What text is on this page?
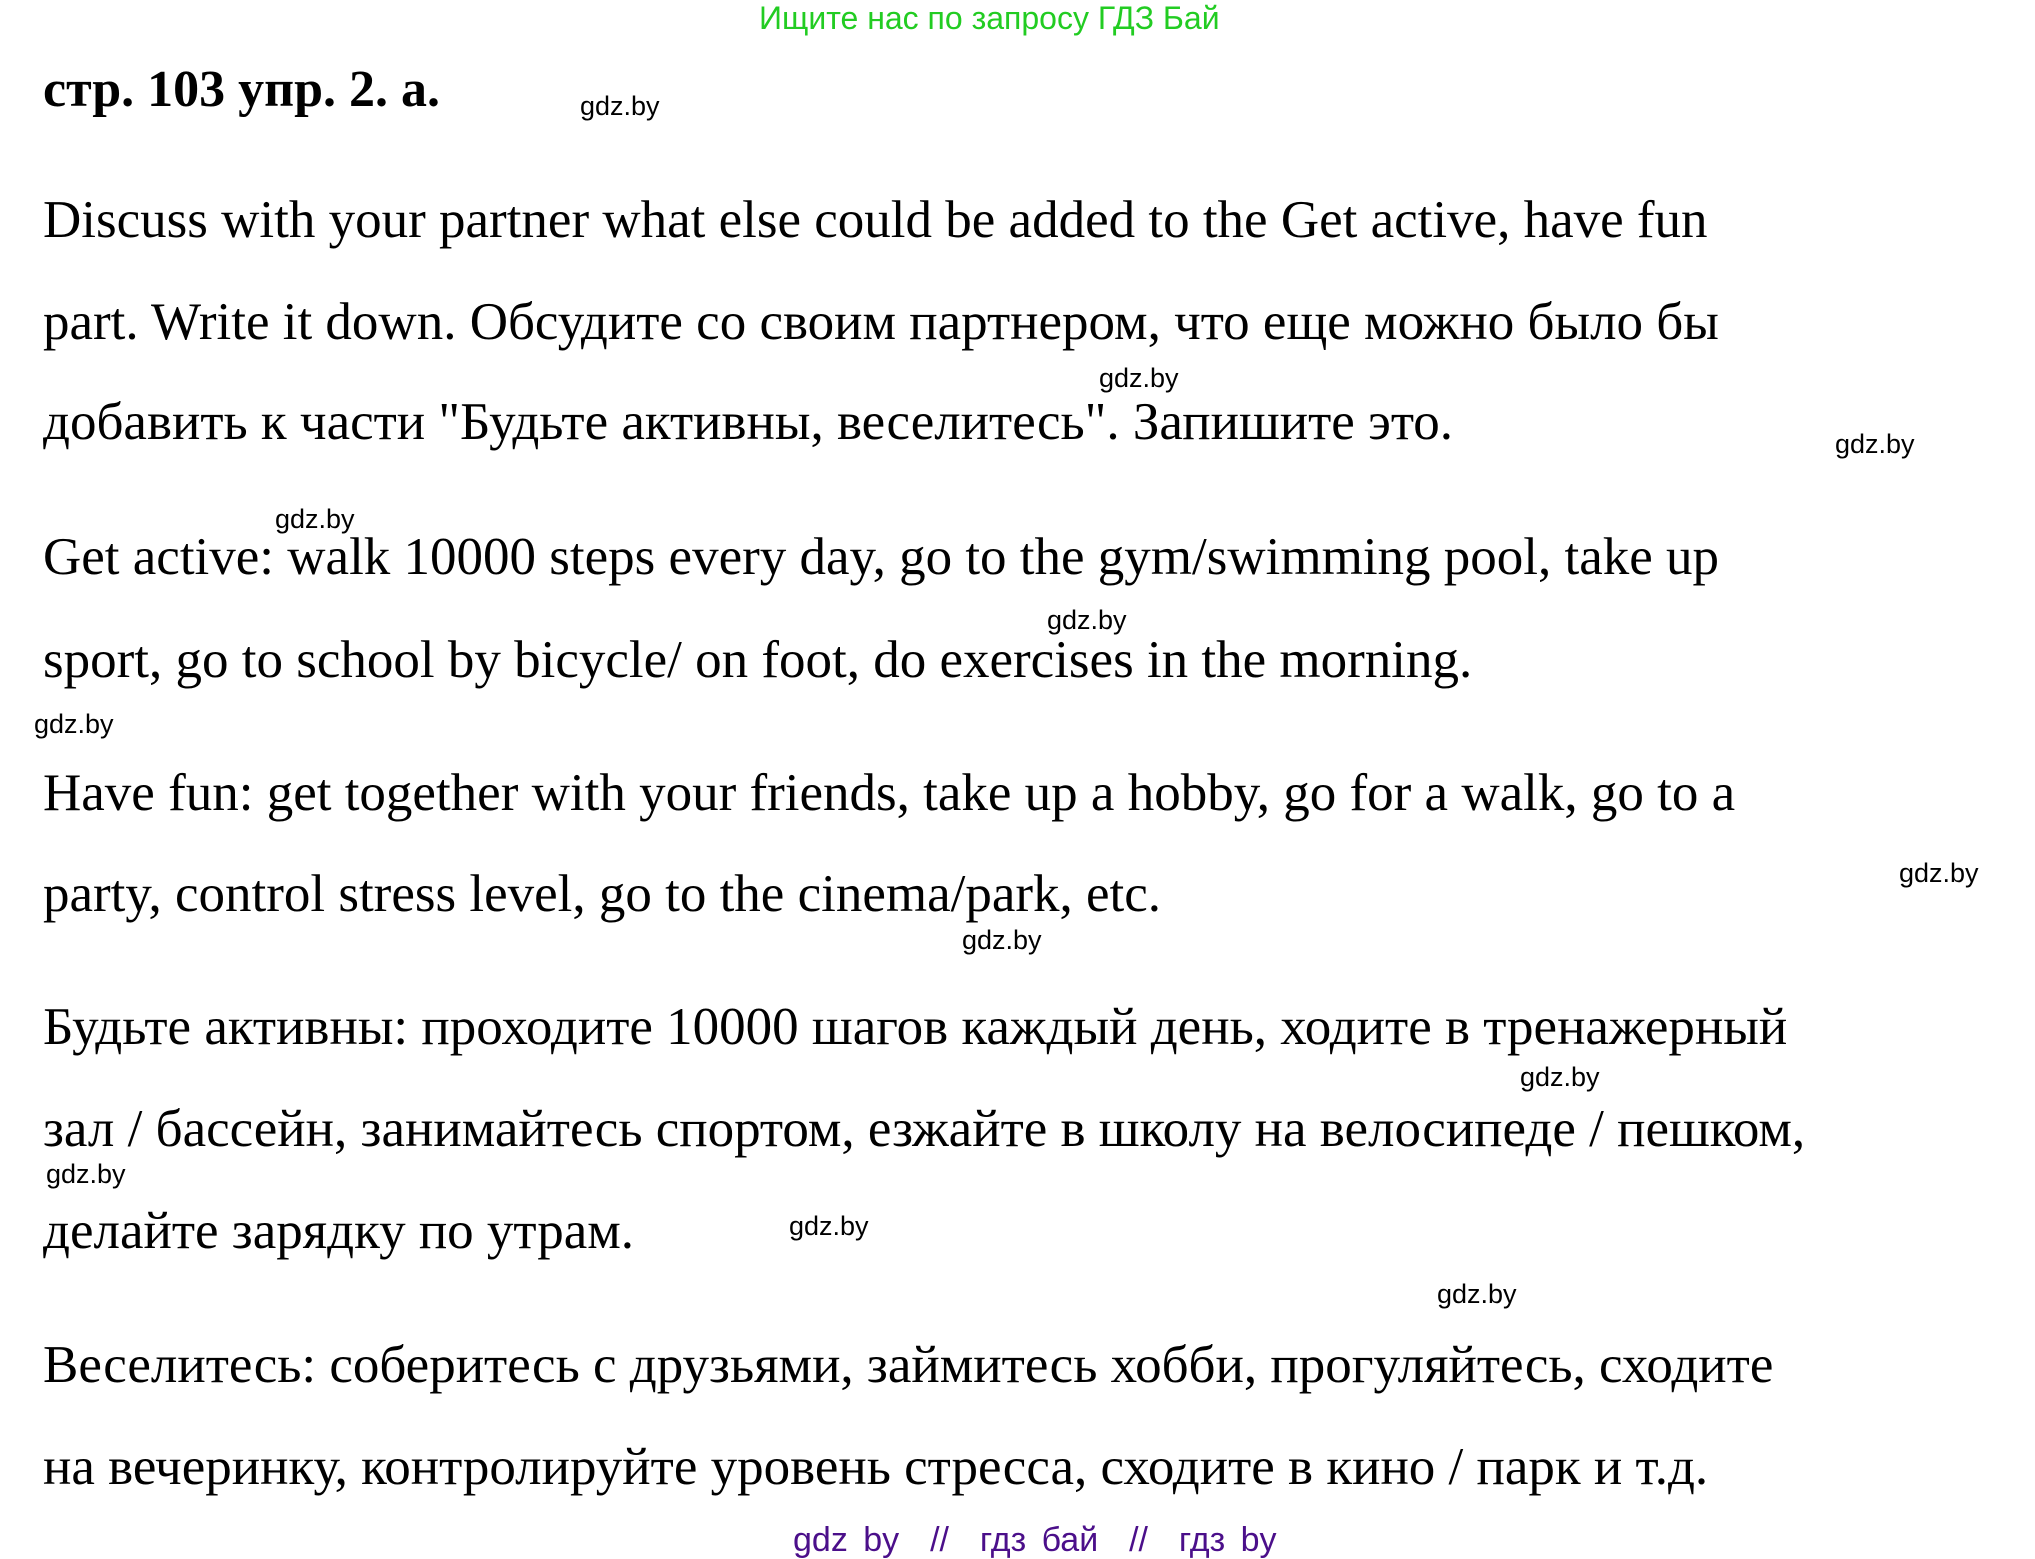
Ищите нас по запросу ГДЗ Бай
стр. 103 упр. 2. а.
Discuss with your partner what else could be added to the Get active, have fun
part. Write it down. Обсудите со своим партнером, что еще можно было бы
добавить к части "Будьте активны, веселитесь". Запишите это.
Get active: walk 10000 steps every day, go to the gym/swimming pool, take up
sport, go to school by bicycle/ on foot, do exercises in the morning.
Have fun: get together with your friends, take up a hobby, go for a walk, go to a
party, control stress level, go to the cinema/park, etc.
Будьте активны: проходите 10000 шагов каждый день, ходите в тренажерный
зал / бассейн, занимайтесь спортом, езжайте в школу на велосипеде / пешком,
делайте зарядку по утрам.
Веселитесь: соберитесь с друзьями, займитесь хобби, прогуляйтесь, сходите
на вечеринку, контролируйте уровень стресса, сходите в кино / парк и т.д.
gdz.by
gdz.by
gdz.by
gdz.by
gdz.by
gdz.by
gdz.by
gdz.by
gdz.by
gdz.by
gdz.by
gdz.by
gdz by  //  гдз бай  //  гдз by
